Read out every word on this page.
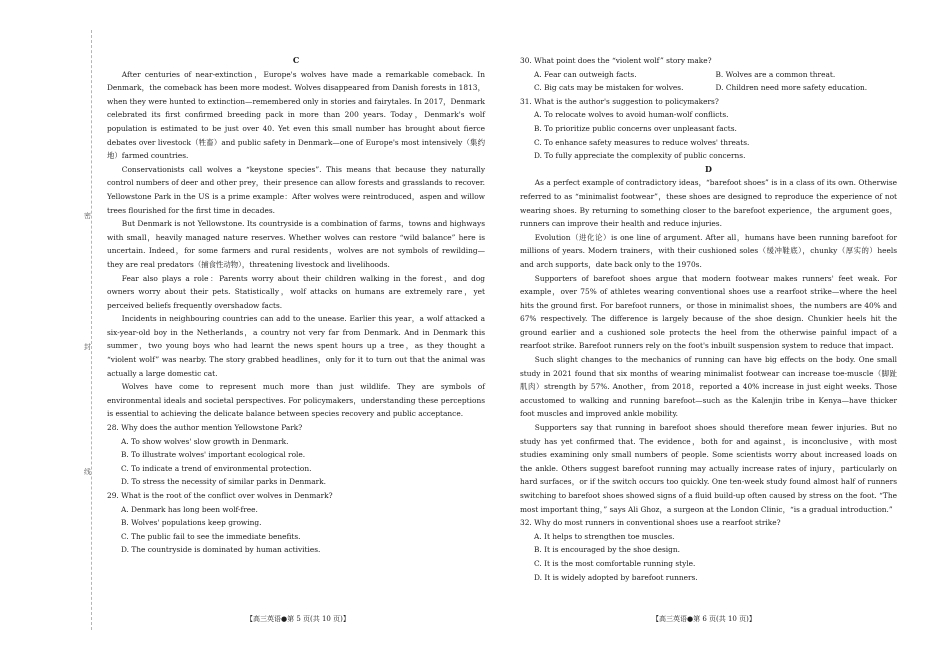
密
封
线
C

After centuries of near-extinction，Europe's wolves have made a remarkable comeback. In Denmark，the comeback has been more modest. Wolves disappeared from Danish forests in 1813，when they were hunted to extinction—remembered only in stories and fairytales. In 2017，Denmark celebrated its first confirmed breeding pack in more than 200 years. Today，Denmark's wolf population is estimated to be just over 40. Yet even this small number has brought about fierce debates over livestock（牲畜）and public safety in Denmark—one of Europe's most intensively（集约地）farmed countries.

Conservationists call wolves a “keystone species”. This means that because they naturally control numbers of deer and other prey，their presence can allow forests and grasslands to recover. Yellowstone Park in the US is a prime example：After wolves were reintroduced，aspen and willow trees flourished for the first time in decades.

But Denmark is not Yellowstone. Its countryside is a combination of farms，towns and highways with small，heavily managed nature reserves. Whether wolves can restore “wild balance” here is uncertain. Indeed，for some farmers and rural residents，wolves are not symbols of rewilding—they are real predators（捕食性动物），threatening livestock and livelihoods.

Fear also plays a role：Parents worry about their children walking in the forest，and dog owners worry about their pets. Statistically，wolf attacks on humans are extremely rare，yet perceived beliefs frequently overshadow facts.

Incidents in neighbouring countries can add to the unease. Earlier this year，a wolf attacked a six-year-old boy in the Netherlands，a country not very far from Denmark. And in Denmark this summer，two young boys who had learnt the news spent hours up a tree，as they thought a “violent wolf” was nearby. The story grabbed headlines，only for it to turn out that the animal was actually a large domestic cat.

Wolves have come to represent much more than just wildlife. They are symbols of environmental ideals and societal perspectives. For policymakers，understanding these perceptions is essential to achieving the delicate balance between species recovery and public acceptance.

28. Why does the author mention Yellowstone Park?
A. To show wolves' slow growth in Denmark.
B. To illustrate wolves' important ecological role.
C. To indicate a trend of environmental protection.
D. To stress the necessity of similar parks in Denmark.
29. What is the root of the conflict over wolves in Denmark?
A. Denmark has long been wolf-free.
B. Wolves' populations keep growing.
C. The public fail to see the immediate benefits.
D. The countryside is dominated by human activities.
30. What point does the “violent wolf” story make?
A. Fear can outweigh facts.	B. Wolves are a common threat.
C. Big cats may be mistaken for wolves.	D. Children need more safety education.
31. What is the author's suggestion to policymakers?
A. To relocate wolves to avoid human-wolf conflicts.
B. To prioritize public concerns over unpleasant facts.
C. To enhance safety measures to reduce wolves' threats.
D. To fully appreciate the complexity of public concerns.
D

As a perfect example of contradictory ideas，“barefoot shoes” is in a class of its own. Otherwise referred to as “minimalist footwear”，these shoes are designed to reproduce the experience of not wearing shoes. By returning to something closer to the barefoot experience，the argument goes，runners can improve their health and reduce injuries.

Evolution（进化论）is one line of argument. After all，humans have been running barefoot for millions of years. Modern trainers，with their cushioned soles（缓冲鞋底），chunky（厚实的）heels and arch supports，date back only to the 1970s.

Supporters of barefoot shoes argue that modern footwear makes runners' feet weak. For example，over 75% of athletes wearing conventional shoes use a rearfoot strike—where the heel hits the ground first. For barefoot runners，or those in minimalist shoes，the numbers are 40% and 67% respectively. The difference is largely because of the shoe design. Chunkier heels hit the ground earlier and a cushioned sole protects the heel from the otherwise painful impact of a rearfoot strike. Barefoot runners rely on the foot's inbuilt suspension system to reduce that impact.

Such slight changes to the mechanics of running can have big effects on the body. One small study in 2021 found that six months of wearing minimalist footwear can increase toe-muscle（脚趾肌肉）strength by 57%. Another，from 2018，reported a 40% increase in just eight weeks. Those accustomed to walking and running barefoot—such as the Kalenjin tribe in Kenya—have thicker foot muscles and improved ankle mobility.

Supporters say that running in barefoot shoes should therefore mean fewer injuries. But no study has yet confirmed that. The evidence，both for and against，is inconclusive，with most studies examining only small numbers of people. Some scientists worry about increased loads on the ankle. Others suggest barefoot running may actually increase rates of injury，particularly on hard surfaces，or if the switch occurs too quickly. One ten-week study found almost half of runners switching to barefoot shoes showed signs of a fluid build-up often caused by stress on the foot. “The most important thing，” says Ali Ghoz，a surgeon at the London Clinic，“is a gradual introduction.”

32. Why do most runners in conventional shoes use a rearfoot strike?
A. It helps to strengthen toe muscles.
B. It is encouraged by the shoe design.
C. It is the most comfortable running style.
D. It is widely adopted by barefoot runners.
【高三英语●第 5 页(共 10 页)】	【高三英语●第 6 页(共 10 页)】
